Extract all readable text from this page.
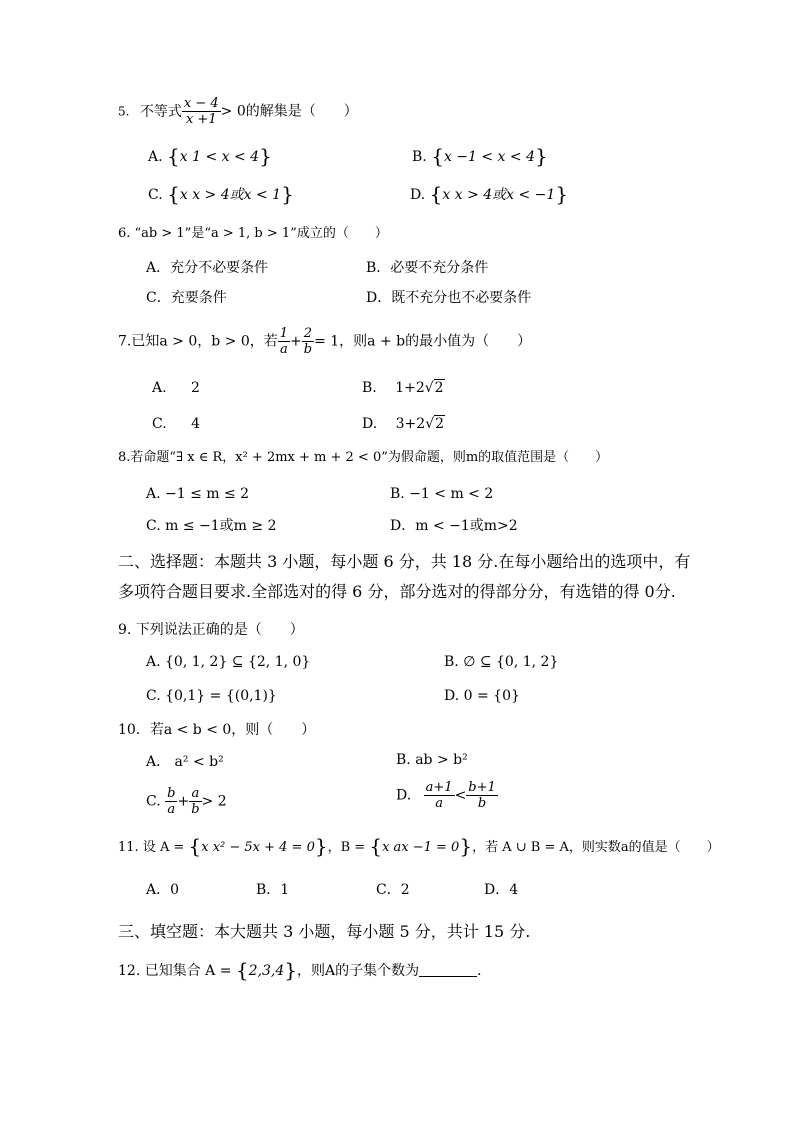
5. 不等式 $\frac{x - 4}{x +1} > 0$的解集是（　　）
A. {x 1 < x < 4}	B. {x −1 < x < 4}
C. {x x > 4或x < 1}	D. {x x > 4或x < −1}
6. “ab > 1”是“a > 1, b > 1”成立的（　　）
A．充分不必要条件	B．必要不充分条件
C．充要条件	D．既不充分也不必要条件
7.已知a > 0，b > 0，若 $\frac{1}{a} + \frac{2}{b} = 1$，则a + b的最小值为（　　）
A. 2	B. 1+2√2
C. 4	D. 3+2√2
8.若命题“∃ x ∈ R，x² + 2mx + m + 2 < 0”为假命题，则m的取值范围是（　　）
A. −1 ≤ m ≤ 2	B. −1 < m < 2
C. m ≤ −1或m ≥ 2	D．m < −1或m>2
二、选择题：本题共 3 小题，每小题 6 分，共 18 分.在每小题给出的选项中，有
多项符合题目要求.全部选对的得 6 分，部分选对的得部分分，有选错的得 0分.
9. 下列说法正确的是（　　）
A. {0, 1, 2} ⊆ {2, 1, 0}	B. ∅ ⊆ {0, 1, 2}
C. {0,1} = {(0,1)}	D. 0 = {0}
10．若a < b < 0，则（　　）
A． a² < b²	B. ab > b²
C. $\frac{b}{a} + \frac{a}{b} > 2$	D. $\frac{a+1}{a} < \frac{b+1}{b}$
11. 设 A = {x x² − 5x + 4 = 0}，B = {x ax −1 = 0}，若 A ∪ B = A，则实数a的值是（　　）
A．0	B．1	C．2	D．4
三、填空题：本大题共 3 小题，每小题 5 分，共计 15 分.
12. 已知集合 A = {2,3,4}，则A的子集个数为	．
